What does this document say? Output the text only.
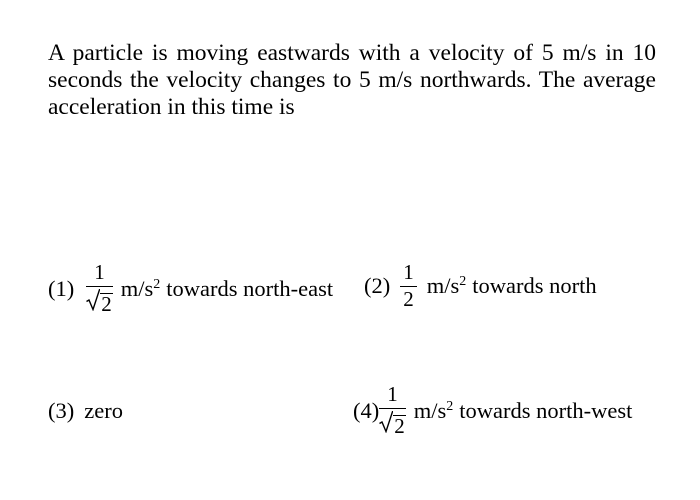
A particle is moving eastwards with a velocity of 5 m/s in 10 seconds the velocity changes to 5 m/s northwards. The average acceleration in this time is
$(1) \frac{1}{2} m/s^2$ towards north-east $(2) \frac{1}{2} m/s^2$ towards north
(3) zero	$(4) \frac{1}{2} m/s^2$ towards north-west
